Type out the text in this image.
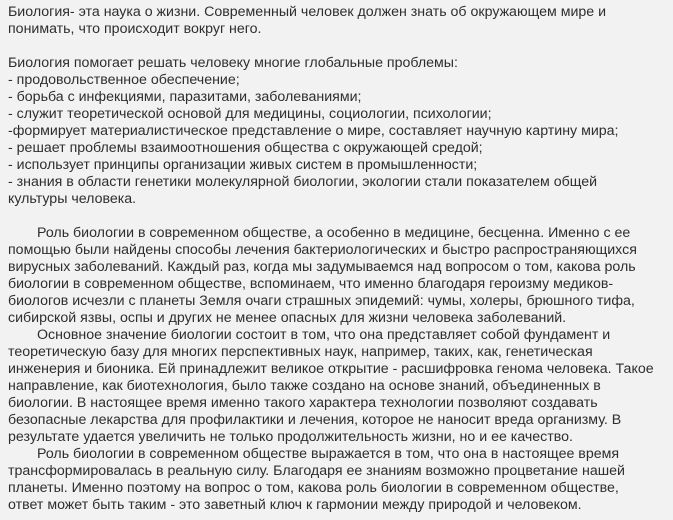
Биология- эта наука о жизни. Современный человек должен знать об окружающем мире и
понимать, что происходит вокруг него.

Биология помогает решать человеку многие глобальные проблемы:
- продовольственное обеспечение;
- борьба с инфекциями, паразитами, заболеваниями;
- служит теоретической основой для медицины, социологии, психологии;
-формирует материалистическое представление о мире, составляет научную картину мира;
- решает проблемы взаимоотношения общества с окружающей средой;
- использует принципы организации живых систем в промышленности;
- знания в области генетики молекулярной биологии, экологии стали показателем общей
культуры человека.

Роль биологии в современном обществе, а особенно в медицине, бесценна. Именно с ее
помощью были найдены способы лечения бактериологических и быстро распространяющихся
вирусных заболеваний. Каждый раз, когда мы задумываемся над вопросом о том, какова роль
биологии в современном обществе, вспоминаем, что именно благодаря героизму медиков-
биологов исчезли с планеты Земля очаги страшных эпидемий: чумы, холеры, брюшного тифа,
сибирской язвы, оспы и других не менее опасных для жизни человека заболеваний.

Основное значение биологии состоит в том, что она представляет собой фундамент и
теоретическую базу для многих перспективных наук, например, таких, как, генетическая
инженерия и бионика. Ей принадлежит великое открытие - расшифровка генома человека. Такое
направление, как биотехнология, было также создано на основе знаний, объединенных в
биологии. В настоящее время именно такого характера технологии позволяют создавать
безопасные лекарства для профилактики и лечения, которое не наносит вреда организму. В
результате удается увеличить не только продолжительность жизни, но и ее качество.

Роль биологии в современном обществе выражается в том, что она в настоящее время
трансформировалась в реальную силу. Благодаря ее знаниям возможно процветание нашей
планеты. Именно поэтому на вопрос о том, какова роль биологии в современном обществе,
ответ может быть таким - это заветный ключ к гармонии между природой и человеком.
